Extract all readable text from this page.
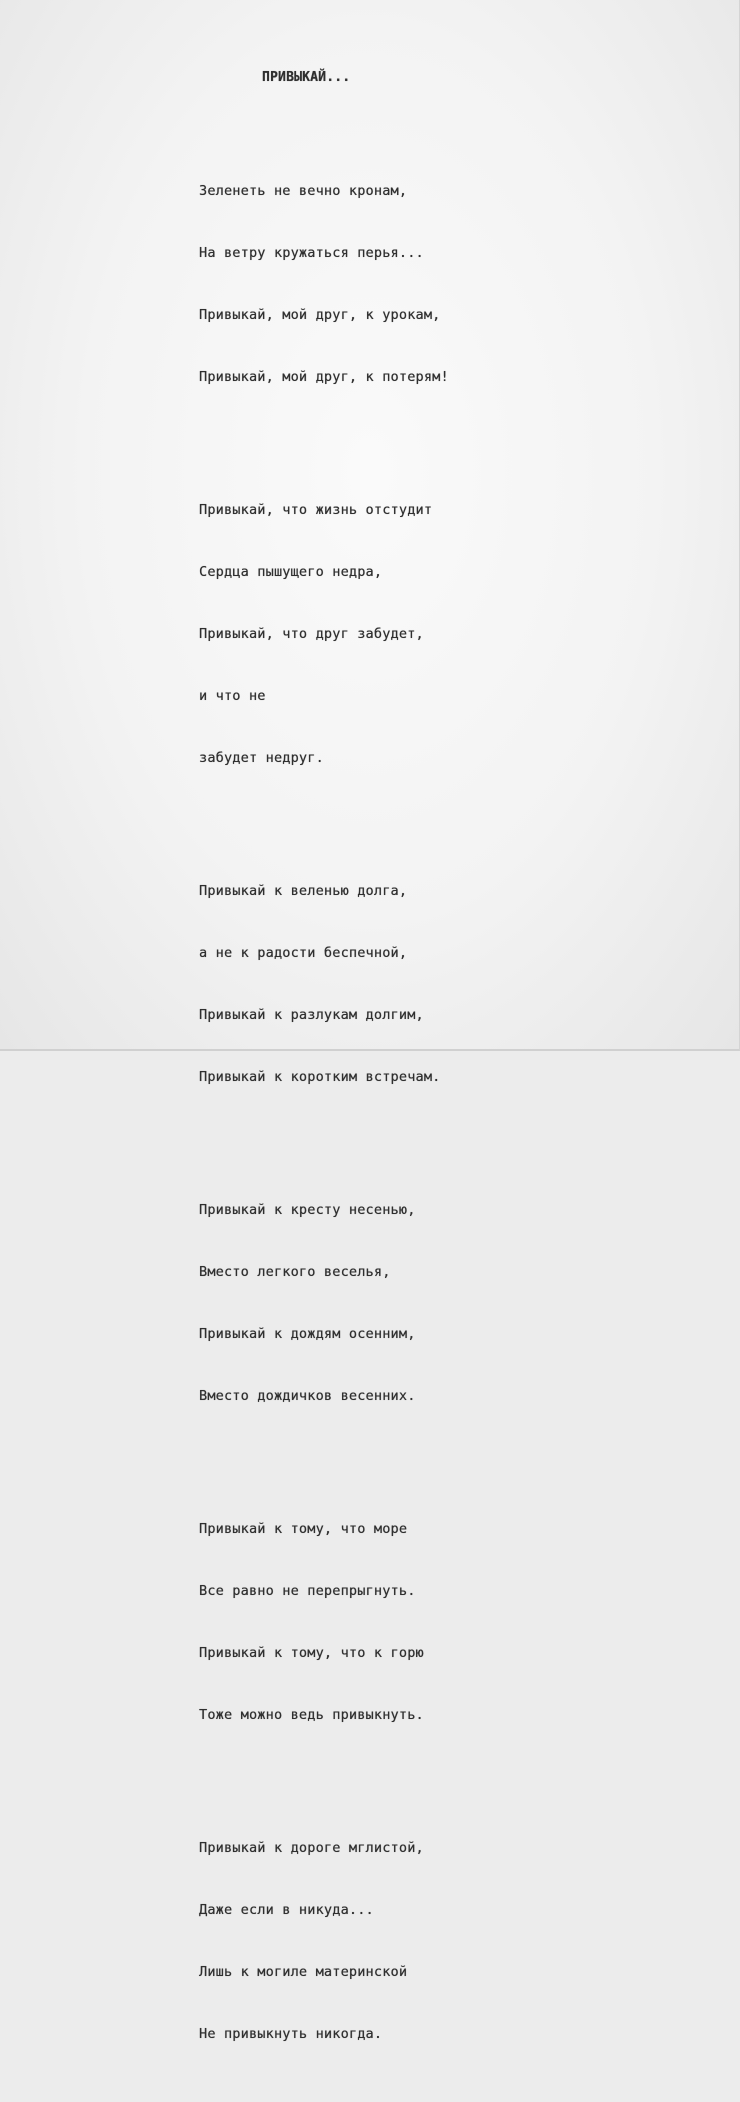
ПРИВЫКАЙ...

Зеленеть не вечно кронам,

На ветру кружаться перья...

Привыкай, мой друг, к урокам,

Привыкай, мой друг, к потерям!

Привыкай, что жизнь отстудит

Сердца пышущего недра,

Привыкай, что друг забудет,

и что не

забудет недруг.

Привыкай к веленью долга,

а не к радости беспечной,

Привыкай к разлукам долгим,

Привыкай к коротким встречам.

Привыкай к кресту несенью,

Вместо легкого веселья,

Привыкай к дождям осенним,

Вместо дождичков весенних.

Привыкай к тому, что море

Все равно не перепрыгнуть.

Привыкай к тому, что к горю

Тоже можно ведь привыкнуть.

Привыкай к дороге мглистой,

Даже если в никуда...

Лишь к могиле материнской

Не привыкнуть никогда.
